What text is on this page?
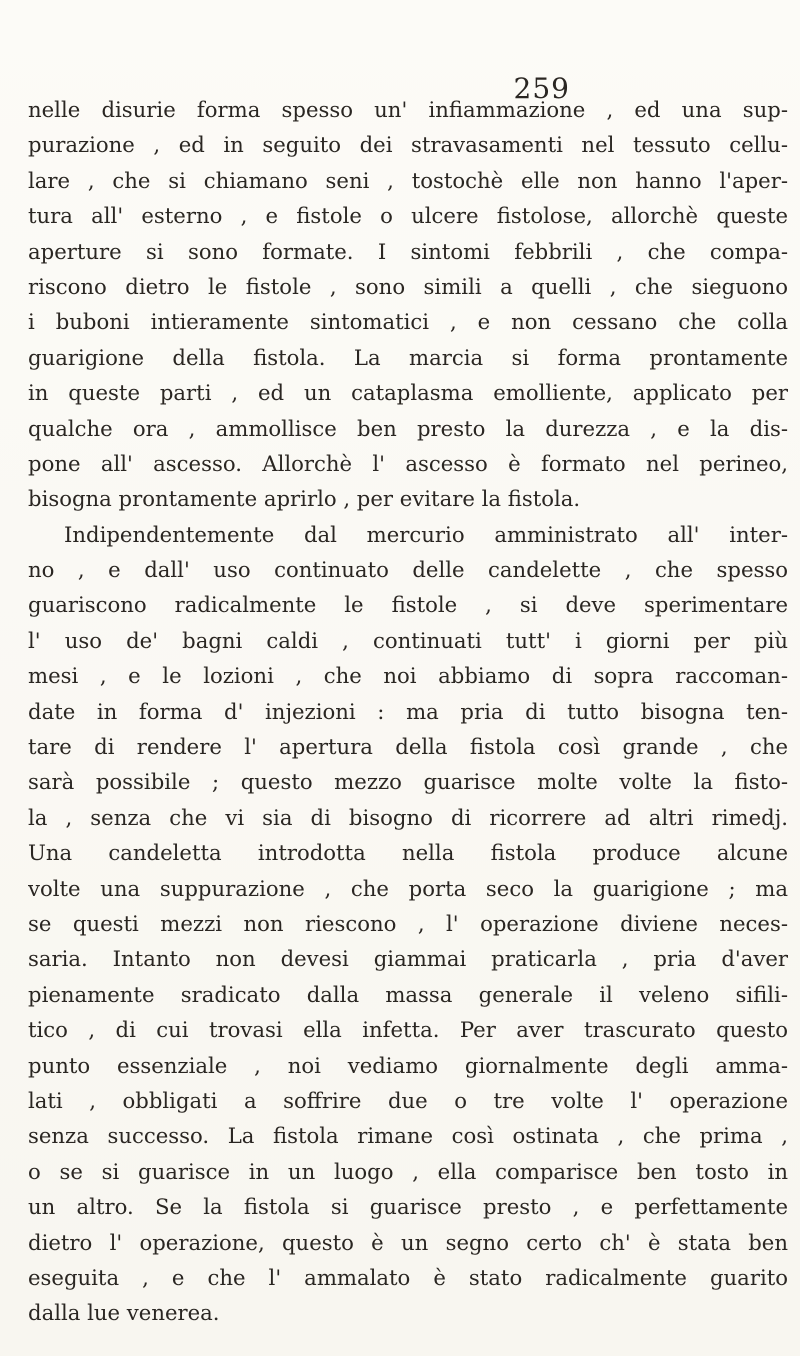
259
nelle disurie forma spesso un' infiammazione , ed una sup-
purazione , ed in seguito dei stravasamenti nel tessuto cellu-
lare , che si chiamano seni , tostochè elle non hanno l'aper-
tura all' esterno , e fistole o ulcere fistolose, allorchè queste
aperture si sono formate. I sintomi febbrili , che compa-
riscono dietro le fistole , sono simili a quelli , che sieguono
i buboni intieramente sintomatici , e non cessano che colla
guarigione della fistola. La marcia si forma prontamente
in queste parti , ed un cataplasma emolliente, applicato per
qualche ora , ammollisce ben presto la durezza , e la dis-
pone all' ascesso. Allorchè l' ascesso è formato nel perineo,
bisogna prontamente aprirlo , per evitare la fistola.
Indipendentemente dal mercurio amministrato all' inter-
no , e dall' uso continuato delle candelette , che spesso
guariscono radicalmente le fistole , si deve sperimentare
l' uso de' bagni caldi , continuati tutt' i giorni per più
mesi , e le lozioni , che noi abbiamo di sopra raccoman-
date in forma d' injezioni : ma pria di tutto bisogna ten-
tare di rendere l' apertura della fistola così grande , che
sarà possibile ; questo mezzo guarisce molte volte la fisto-
la , senza che vi sia di bisogno di ricorrere ad altri rimedj.
Una candeletta introdotta nella fistola produce alcune
volte una suppurazione , che porta seco la guarigione ; ma
se questi mezzi non riescono , l' operazione diviene neces-
saria. Intanto non devesi giammai praticarla , pria d'aver
pienamente sradicato dalla massa generale il veleno sifili-
tico , di cui trovasi ella infetta. Per aver trascurato questo
punto essenziale , noi vediamo giornalmente degli amma-
lati , obbligati a soffrire due o tre volte l' operazione
senza successo. La fistola rimane così ostinata , che prima ,
o se si guarisce in un luogo , ella comparisce ben tosto in
un altro. Se la fistola si guarisce presto , e perfettamente
dietro l' operazione, questo è un segno certo ch' è stata ben
eseguita , e che l' ammalato è stato radicalmente guarito
dalla lue venerea.
